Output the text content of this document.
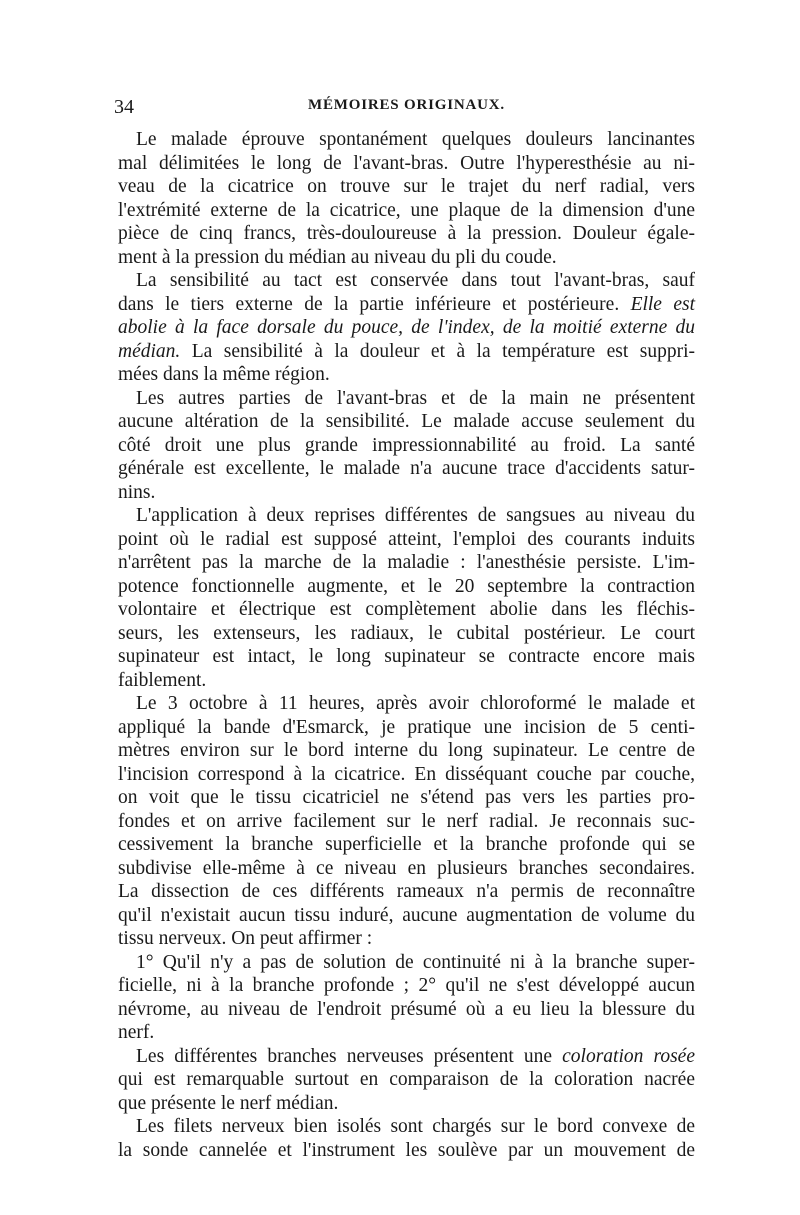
34	MÉMOIRES ORIGINAUX.
Le malade éprouve spontanément quelques douleurs lancinantes
mal délimitées le long de l'avant-bras. Outre l'hyperesthésie au ni-
veau de la cicatrice on trouve sur le trajet du nerf radial, vers
l'extrémité externe de la cicatrice, une plaque de la dimension d'une
pièce de cinq francs, très-douloureuse à la pression. Douleur égale-
ment à la pression du médian au niveau du pli du coude.
La sensibilité au tact est conservée dans tout l'avant-bras, sauf
dans le tiers externe de la partie inférieure et postérieure. Elle est
abolie à la face dorsale du pouce, de l'index, de la moitié externe du
médian. La sensibilité à la douleur et à la température est suppri-
mées dans la même région.
Les autres parties de l'avant-bras et de la main ne présentent
aucune altération de la sensibilité. Le malade accuse seulement du
côté droit une plus grande impressionnabilité au froid. La santé
générale est excellente, le malade n'a aucune trace d'accidents satur-
nins.
L'application à deux reprises différentes de sangsues au niveau du
point où le radial est supposé atteint, l'emploi des courants induits
n'arrêtent pas la marche de la maladie : l'anesthésie persiste. L'im-
potence fonctionnelle augmente, et le 20 septembre la contraction
volontaire et électrique est complètement abolie dans les fléchis-
seurs, les extenseurs, les radiaux, le cubital postérieur. Le court
supinateur est intact, le long supinateur se contracte encore mais
faiblement.
Le 3 octobre à 11 heures, après avoir chloroformé le malade et
appliqué la bande d'Esmarck, je pratique une incision de 5 centi-
mètres environ sur le bord interne du long supinateur. Le centre de
l'incision correspond à la cicatrice. En disséquant couche par couche,
on voit que le tissu cicatriciel ne s'étend pas vers les parties pro-
fondes et on arrive facilement sur le nerf radial. Je reconnais suc-
cessivement la branche superficielle et la branche profonde qui se
subdivise elle-même à ce niveau en plusieurs branches secondaires.
La dissection de ces différents rameaux n'a permis de reconnaître
qu'il n'existait aucun tissu induré, aucune augmentation de volume du
tissu nerveux. On peut affirmer :
1° Qu'il n'y a pas de solution de continuité ni à la branche super-
ficielle, ni à la branche profonde ; 2° qu'il ne s'est développé aucun
névrome, au niveau de l'endroit présumé où a eu lieu la blessure du
nerf.
Les différentes branches nerveuses présentent une coloration rosée
qui est remarquable surtout en comparaison de la coloration nacrée
que présente le nerf médian.
Les filets nerveux bien isolés sont chargés sur le bord convexe de
la sonde cannelée et l'instrument les soulève par un mouvement de
